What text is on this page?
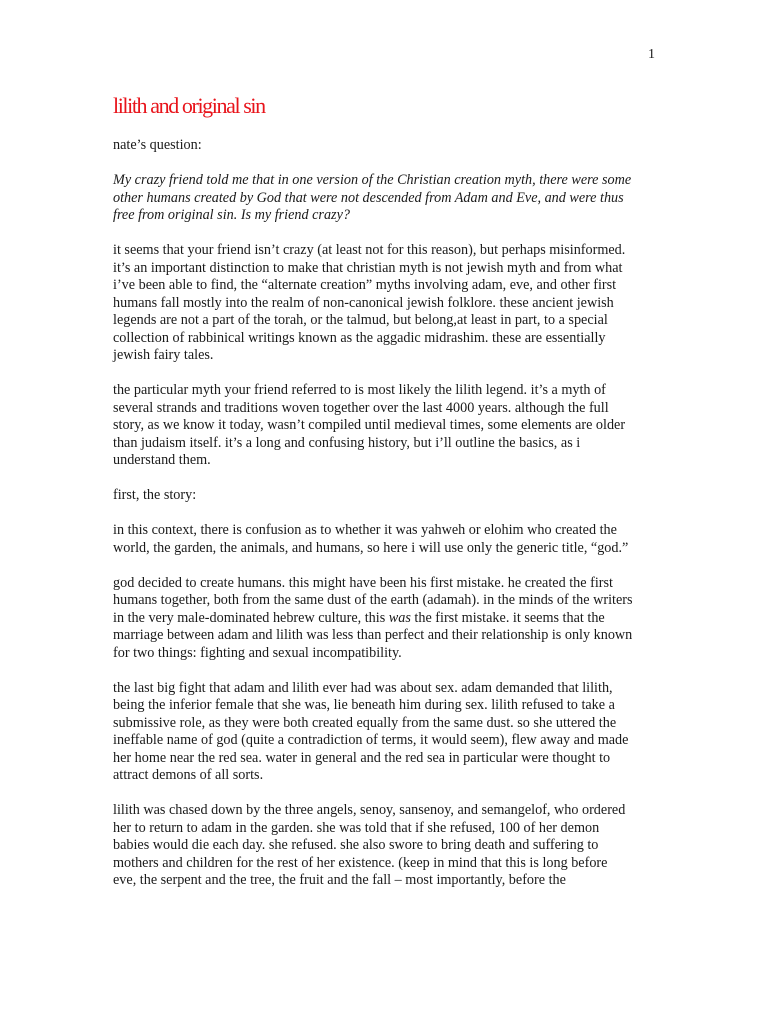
1
lilith and original sin

nate’s question:

My crazy friend told me that in one version of the Christian creation myth, there were some
other humans created by God that were not descended from Adam and Eve, and were thus
free from original sin. Is my friend crazy?

it seems that your friend isn’t crazy (at least not for this reason), but perhaps misinformed.
it’s an important distinction to make that christian myth is not jewish myth and from what
i’ve been able to find, the “alternate creation” myths involving adam, eve, and other first
humans fall mostly into the realm of non-canonical jewish folklore. these ancient jewish
legends are not a part of the torah, or the talmud, but belong,at least in part, to a special
collection of rabbinical writings known as the aggadic midrashim. these are essentially
jewish fairy tales.

the particular myth your friend referred to is most likely the lilith legend. it’s a myth of
several strands and traditions woven together over the last 4000 years. although the full
story, as we know it today, wasn’t compiled until medieval times, some elements are older
than judaism itself. it’s a long and confusing history, but i’ll outline the basics, as i
understand them.

first, the story:

in this context, there is confusion as to whether it was yahweh or elohim who created the
world, the garden, the animals, and humans, so here i will use only the generic title, “god.”

god decided to create humans. this might have been his first mistake. he created the first
humans together, both from the same dust of the earth (adamah). in the minds of the writers
in the very male-dominated hebrew culture, this was the first mistake. it seems that the
marriage between adam and lilith was less than perfect and their relationship is only known
for two things: fighting and sexual incompatibility.

the last big fight that adam and lilith ever had was about sex. adam demanded that lilith,
being the inferior female that she was, lie beneath him during sex. lilith refused to take a
submissive role, as they were both created equally from the same dust. so she uttered the
ineffable name of god (quite a contradiction of terms, it would seem), flew away and made
her home near the red sea. water in general and the red sea in particular were thought to
attract demons of all sorts.

lilith was chased down by the three angels, senoy, sansenoy, and semangelof, who ordered
her to return to adam in the garden. she was told that if she refused, 100 of her demon
babies would die each day. she refused. she also swore to bring death and suffering to
mothers and children for the rest of her existence. (keep in mind that this is long before
eve, the serpent and the tree, the fruit and the fall – most importantly, before the
